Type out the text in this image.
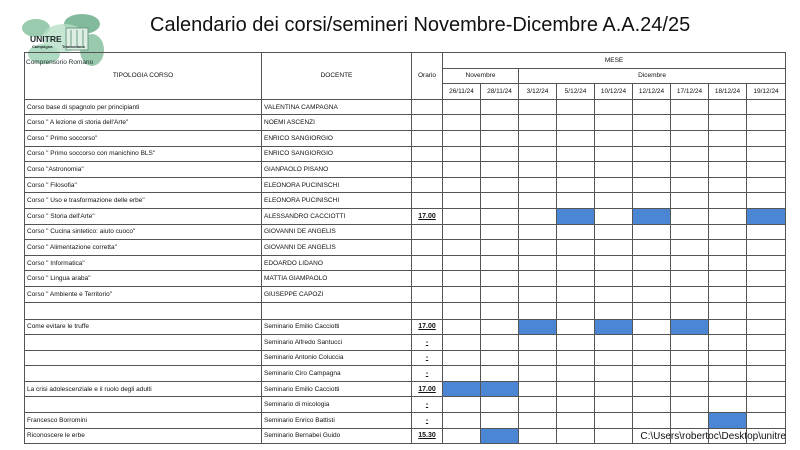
UNITRE
Campagna Tramontana
Comprensorio Romano
Calendario dei corsi/semineri Novembre-Dicembre A.A.24/25
TIPOLOGIA CORSO	DOCENTE	Orario	MESE								
			Novembre		Dicembre						
			26/11/24	28/11/24	3/12/24	5/12/24	10/12/24	12/12/24	17/12/24	18/12/24	19/12/24
Corso base di spagnolo per principianti	VALENTINA CAMPAGNA										
Corso " A lezione di storia dell'Arte"	NOEMI ASCENZI										
Corso " Primo soccorso"	ENRICO SANGIORGIO										
Corso " Primo soccorso con manichino BLS"	ENRICO SANGIORGIO										
Corso "Astronomia"	GIANPAOLO PISANO										
Corso " Filosofia"	ELEONORA PUCINISCHI										
Corso " Uso e trasformazione delle erbe"	ELEONORA PUCINISCHI										
Corso " Storia dell'Arte"	ALESSANDRO CACCIOTTI	17.00									
Corso " Cucina sintetico: aiuto cuoco"	GIOVANNI DE ANGELIS										
Corso " Alimentazione corretta"	GIOVANNI DE ANGELIS										
Corso " Informatica"	EDOARDO LIDANO										
Corso " Lingua araba"	MATTIA GIAMPAOLO										
Corso " Ambiente e Territorio"	GIUSEPPE CAPOZI										

Come evitare le truffe	Seminario Emilio Cacciotti	17.00									
	Seminario Alfredo Santucci	-									
	Seminario Antonio Coluccia	-									
	Seminario Ciro Campagna	-									
La crisi adolescenziale e il ruolo degli adulti	Seminario Emilio Cacciotti	17.00									
	Seminario di micologia	-									
Francesco Borromini	Seminario Enrico Battisti	-									
Riconoscere le erbe	Seminario Bernabei Guido	15.30										C:\Users\robertoc\Desktop\unitre
